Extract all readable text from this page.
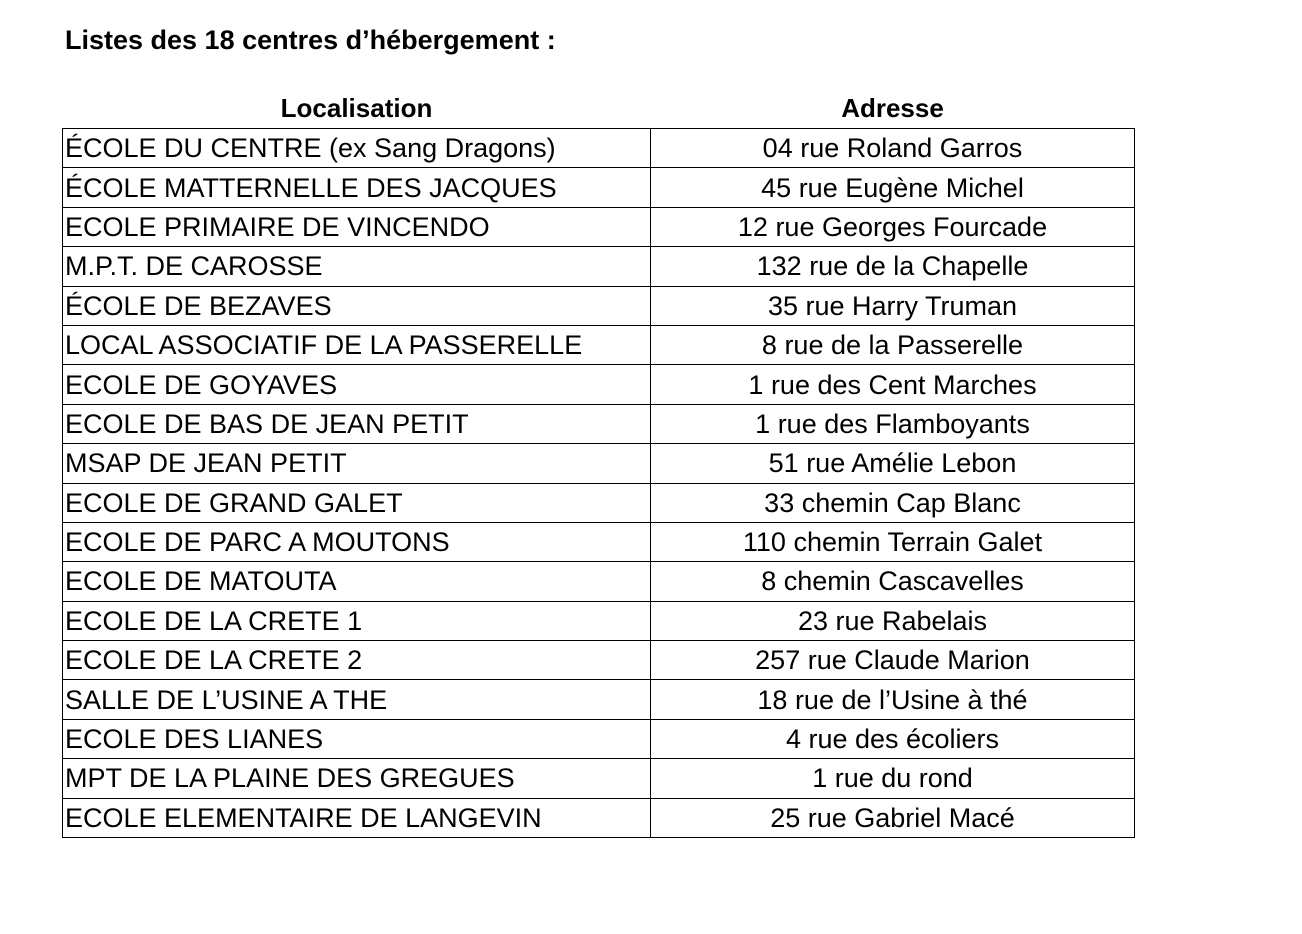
Listes des 18 centres d’hébergement :
Localisation	Adresse
ÉCOLE DU CENTRE (ex Sang Dragons)	04 rue Roland Garros
ÉCOLE MATTERNELLE DES JACQUES	45 rue Eugène Michel
ECOLE PRIMAIRE DE VINCENDO	12 rue Georges Fourcade
M.P.T. DE CAROSSE	132 rue de la Chapelle
ÉCOLE DE BEZAVES	35 rue Harry Truman
LOCAL ASSOCIATIF DE LA PASSERELLE	8 rue de la Passerelle
ECOLE DE GOYAVES	1 rue des Cent Marches
ECOLE DE BAS DE JEAN PETIT	1 rue des Flamboyants
MSAP DE JEAN PETIT	51 rue Amélie Lebon
ECOLE DE GRAND GALET	33 chemin Cap Blanc
ECOLE DE PARC A MOUTONS	110 chemin Terrain Galet
ECOLE DE MATOUTA	8 chemin Cascavelles
ECOLE DE LA CRETE 1	23 rue Rabelais
ECOLE DE LA CRETE 2	257 rue Claude Marion
SALLE DE L’USINE A THE	18 rue de l’Usine à thé
ECOLE DES LIANES	4 rue des écoliers
MPT DE LA PLAINE DES GREGUES	1 rue du rond
ECOLE ELEMENTAIRE DE LANGEVIN	25 rue Gabriel Macé
